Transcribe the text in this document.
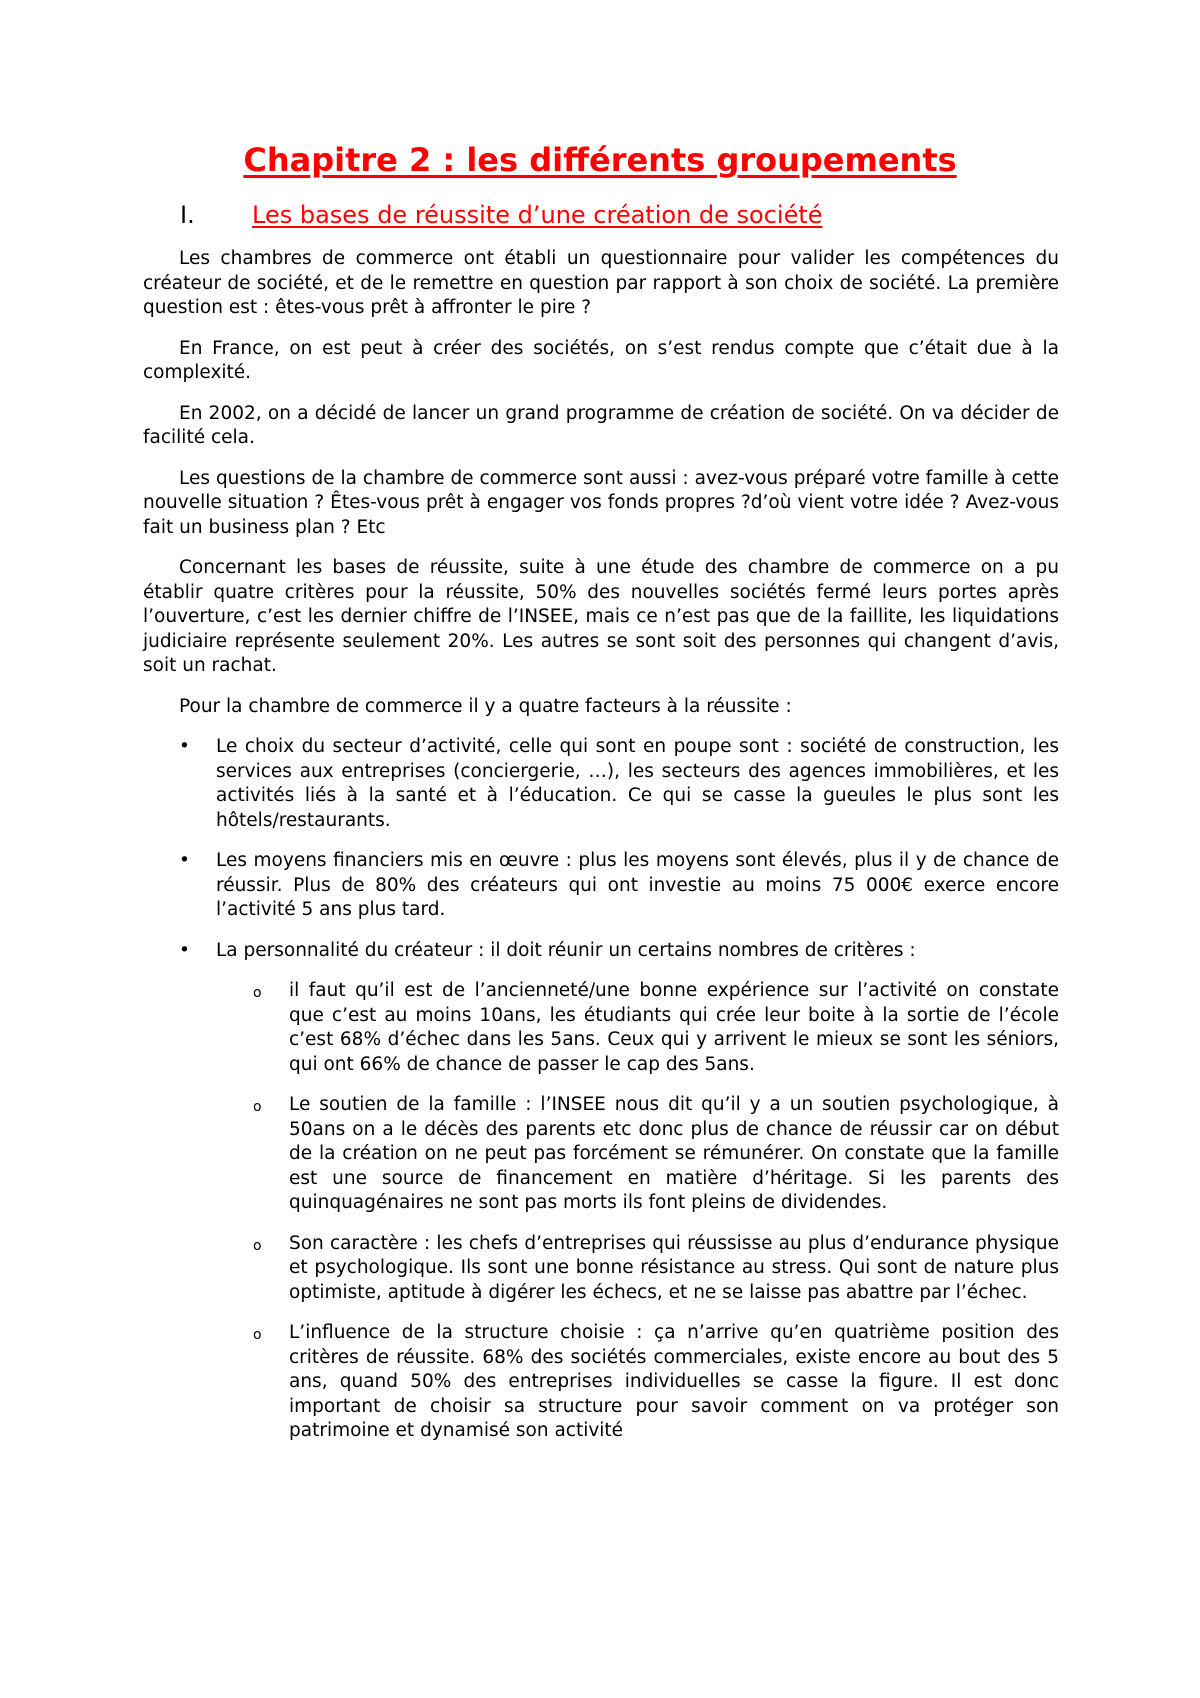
Chapitre 2 : les différents groupements
I. Les bases de réussite d’une création de société

Les chambres de commerce ont établi un questionnaire pour valider les compétences du créateur de société, et de le remettre en question par rapport à son choix de société. La première question est : êtes-vous prêt à affronter le pire ?

En France, on est peut à créer des sociétés, on s’est rendus compte que c’était due à la complexité.

En 2002, on a décidé de lancer un grand programme de création de société. On va décider de facilité cela.

Les questions de la chambre de commerce sont aussi : avez-vous préparé votre famille à cette nouvelle situation ? Êtes-vous prêt à engager vos fonds propres ?d’où vient votre idée ? Avez-vous fait un business plan ? Etc

Concernant les bases de réussite, suite à une étude des chambre de commerce on a pu établir quatre critères pour la réussite, 50% des nouvelles sociétés fermé leurs portes après l’ouverture, c’est les dernier chiffre de l’INSEE, mais ce n’est pas que de la faillite, les liquidations judiciaire représente seulement 20%. Les autres se sont soit des personnes qui changent d’avis, soit un rachat.

Pour la chambre de commerce il y a quatre facteurs à la réussite :

• Le choix du secteur d’activité, celle qui sont en poupe sont : société de construction, les services aux entreprises (conciergerie, …), les secteurs des agences immobilières, et les activités liés à la santé et à l’éducation. Ce qui se casse la gueules le plus sont les hôtels/restaurants.
• Les moyens financiers mis en œuvre : plus les moyens sont élevés, plus il y de chance de réussir. Plus de 80% des créateurs qui ont investie au moins 75 000€ exerce encore l’activité 5 ans plus tard.
• La personnalité du créateur : il doit réunir un certains nombres de critères :
o il faut qu’il est de l’ancienneté/une bonne expérience sur l’activité on constate que c’est au moins 10ans, les étudiants qui crée leur boite à la sortie de l’école c’est 68% d’échec dans les 5ans. Ceux qui y arrivent le mieux se sont les séniors, qui ont 66% de chance de passer le cap des 5ans.
o Le soutien de la famille : l’INSEE nous dit qu’il y a un soutien psychologique, à 50ans on a le décès des parents etc donc plus de chance de réussir car on début de la création on ne peut pas forcément se rémunérer. On constate que la famille est une source de financement en matière d’héritage. Si les parents des quinquagénaires ne sont pas morts ils font pleins de dividendes.
o Son caractère : les chefs d’entreprises qui réussisse au plus d’endurance physique et psychologique. Ils sont une bonne résistance au stress. Qui sont de nature plus optimiste, aptitude à digérer les échecs, et ne se laisse pas abattre par l’échec.
o L’influence de la structure choisie : ça n’arrive qu’en quatrième position des critères de réussite. 68% des sociétés commerciales, existe encore au bout des 5 ans, quand 50% des entreprises individuelles se casse la figure. Il est donc important de choisir sa structure pour savoir comment on va protéger son patrimoine et dynamisé son activité
